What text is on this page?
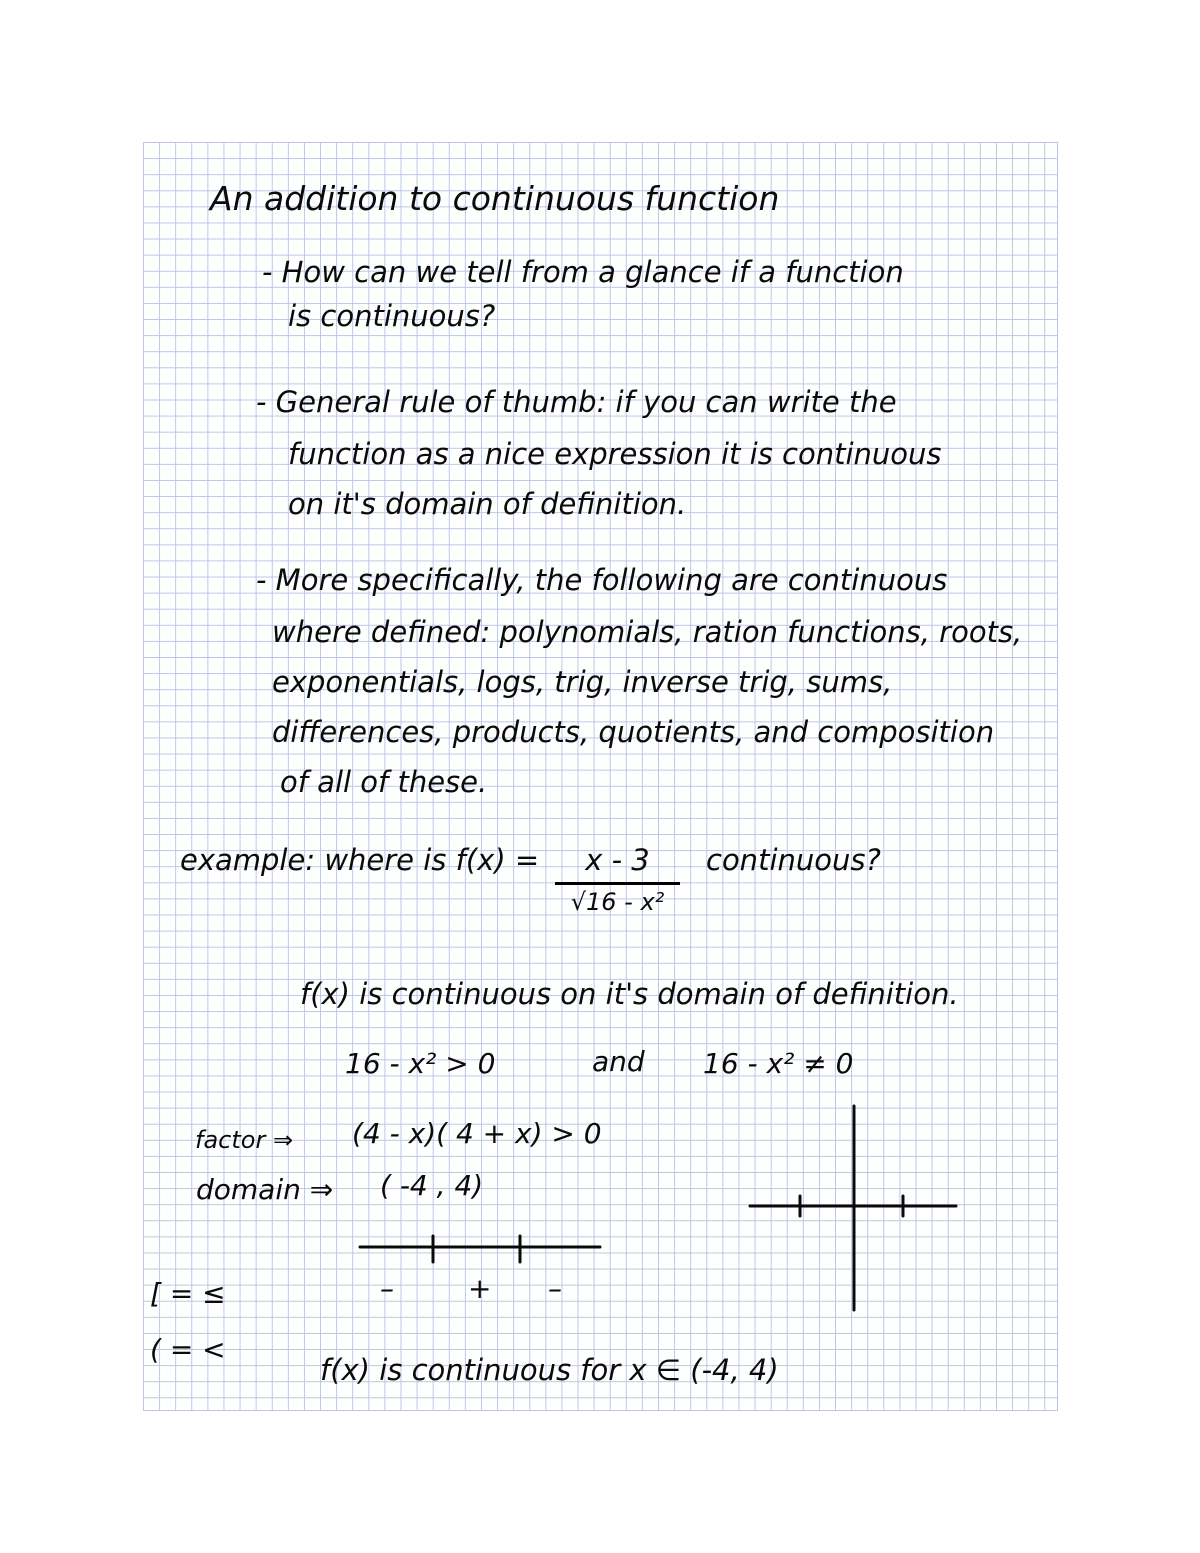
An addition to continuous function
- How can we tell from a glance if a function
is continuous?
- General rule of thumb: if you can write the
function as a nice expression it is continuous
on it's domain of definition.
- More specifically, the following are continuous
where defined: polynomials, ration functions, roots,
exponentials, logs, trig, inverse trig, sums,
differences, products, quotients, and composition
of all of these.
example: where is f(x) =	x - 3
√16 - x²
continuous?
f(x) is continuous on it's domain of definition.
16 - x² > 0	and 16 - x² ≠ 0
factor ⇒ (4 - x)( 4 + x) > 0
domain ⇒ ( -4 , 4)
–	+ –
[ = ≤
( = <
f(x) is continuous for x ∈ (-4, 4)
